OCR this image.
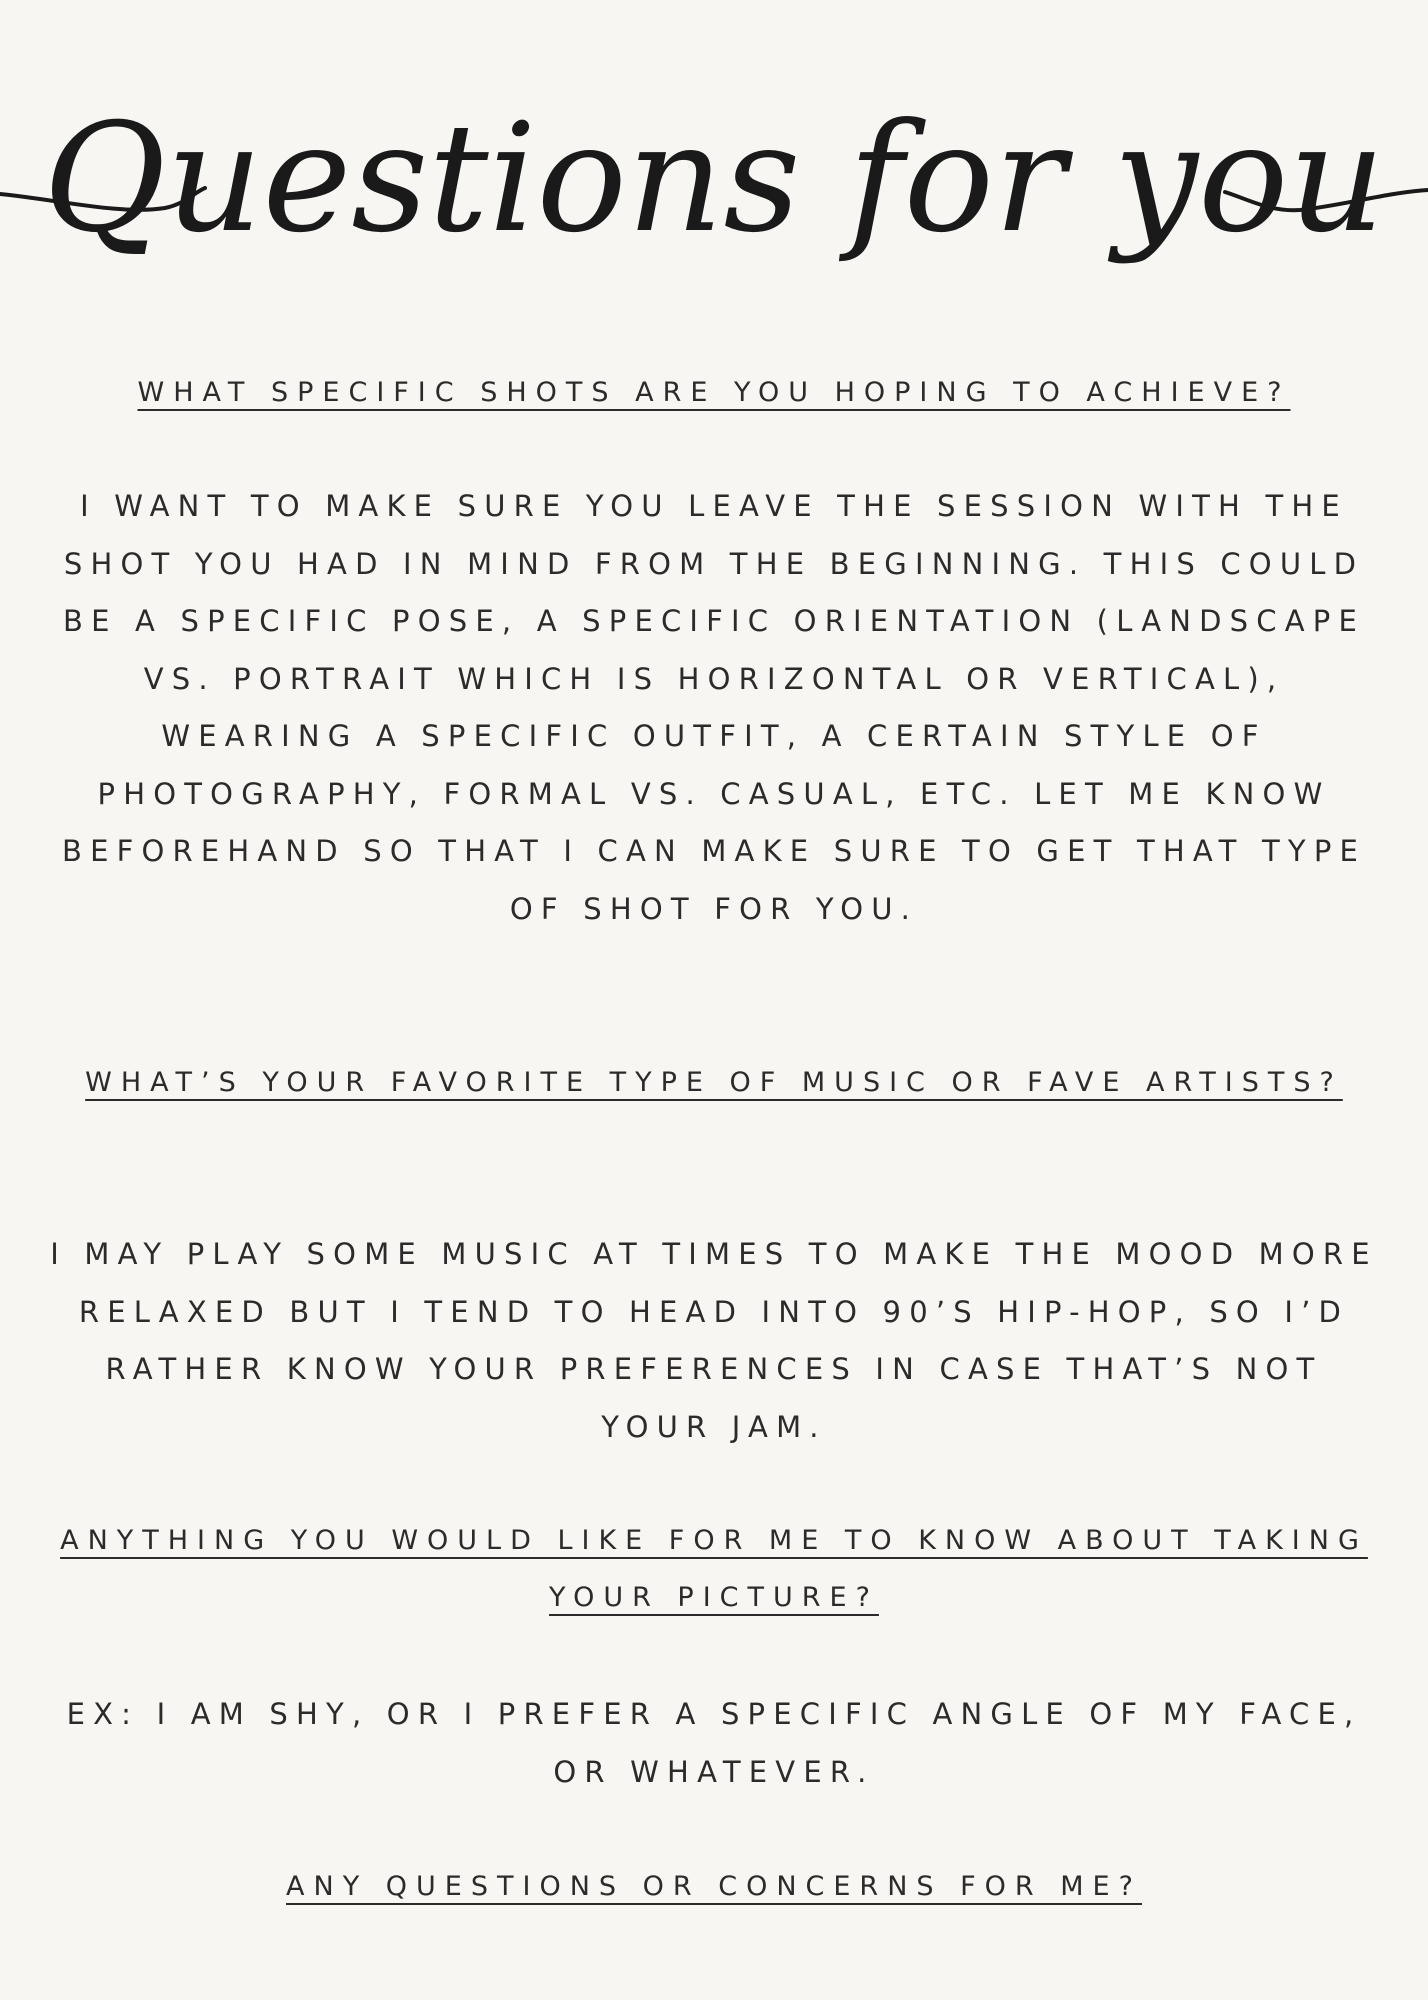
Questions for you
WHAT SPECIFIC SHOTS ARE YOU HOPING TO ACHIEVE?
I WANT TO MAKE SURE YOU LEAVE THE SESSION WITH THE
SHOT YOU HAD IN MIND FROM THE BEGINNING. THIS COULD
BE A SPECIFIC POSE, A SPECIFIC ORIENTATION (LANDSCAPE
VS. PORTRAIT WHICH IS HORIZONTAL OR VERTICAL),
WEARING A SPECIFIC OUTFIT, A CERTAIN STYLE OF
PHOTOGRAPHY, FORMAL VS. CASUAL, ETC. LET ME KNOW
BEFOREHAND SO THAT I CAN MAKE SURE TO GET THAT TYPE
OF SHOT FOR YOU.
WHAT’S YOUR FAVORITE TYPE OF MUSIC OR FAVE ARTISTS?
I MAY PLAY SOME MUSIC AT TIMES TO MAKE THE MOOD MORE
RELAXED BUT I TEND TO HEAD INTO 90’S HIP-HOP, SO I’D
RATHER KNOW YOUR PREFERENCES IN CASE THAT’S NOT
YOUR JAM.
ANYTHING YOU WOULD LIKE FOR ME TO KNOW ABOUT TAKING
YOUR PICTURE?
EX: I AM SHY, OR I PREFER A SPECIFIC ANGLE OF MY FACE,
OR WHATEVER.
ANY QUESTIONS OR CONCERNS FOR ME?
